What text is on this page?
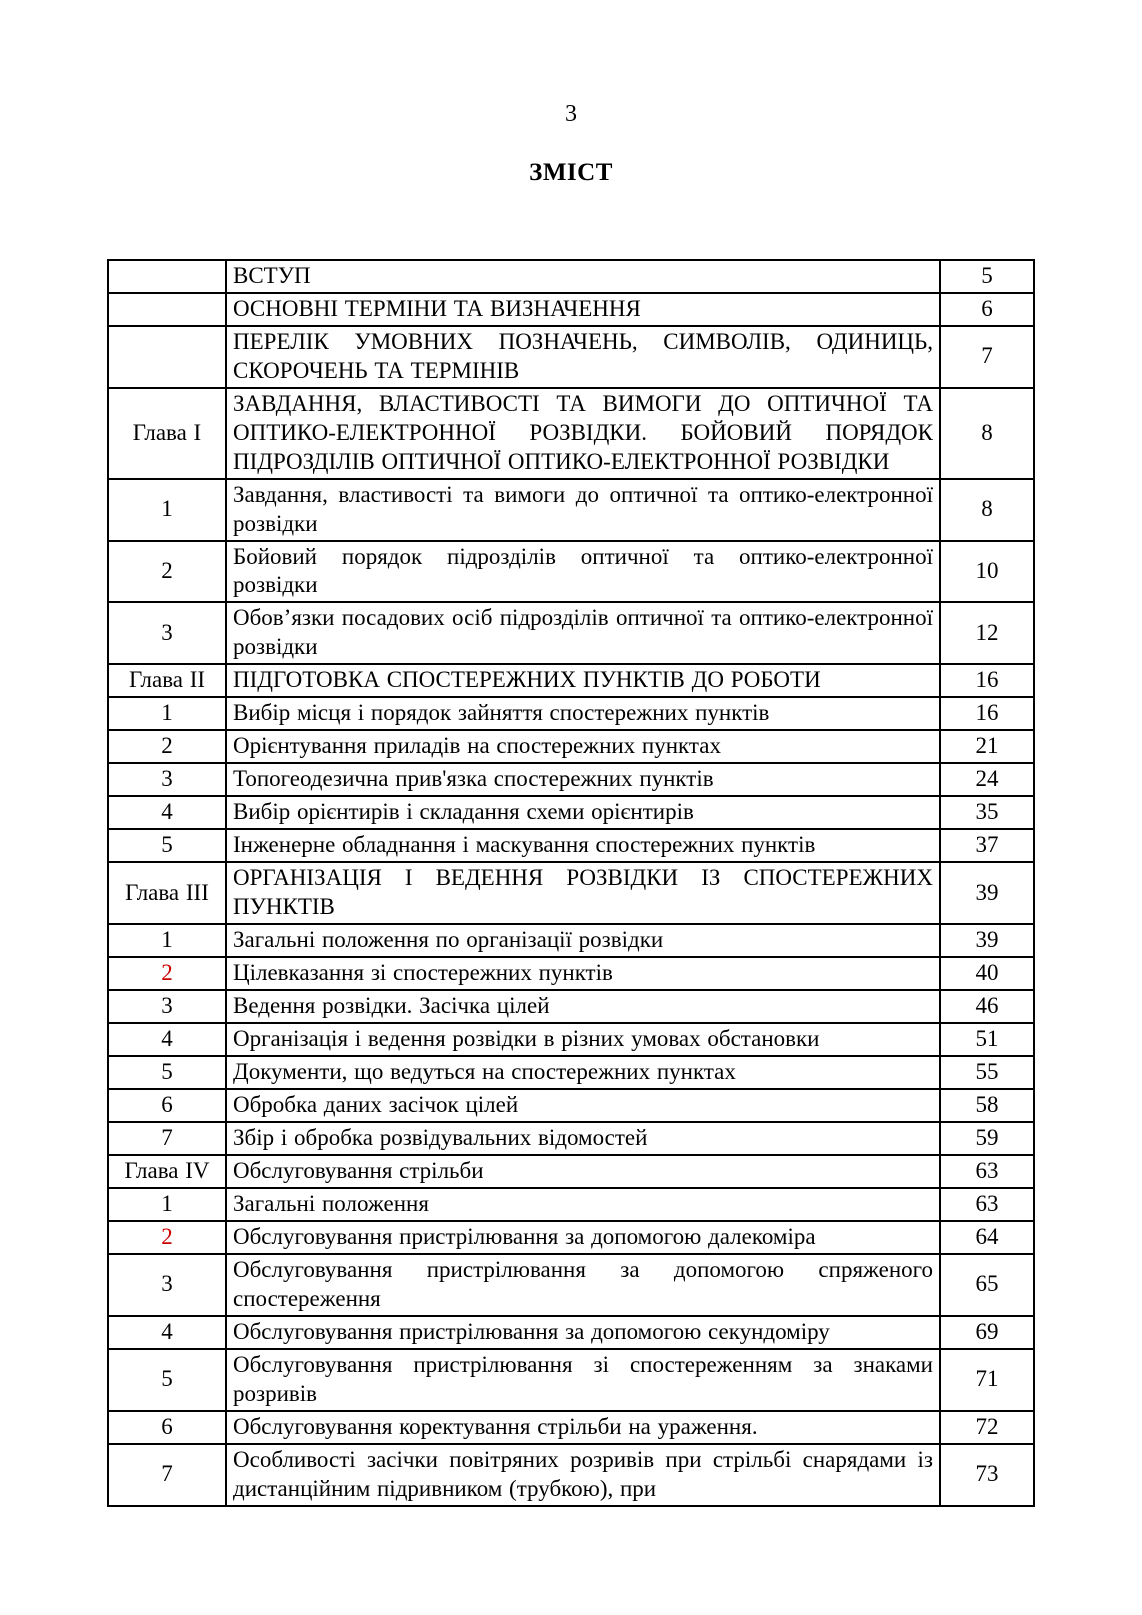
3
ЗМІСТ
	ВСТУП	5
	ОСНОВНІ ТЕРМІНИ ТА ВИЗНАЧЕННЯ	6
	ПЕРЕЛІК УМОВНИХ ПОЗНАЧЕНЬ, СИМВОЛІВ, ОДИНИЦЬ, СКОРОЧЕНЬ ТА ТЕРМІНІВ	7
Глава I	ЗАВДАННЯ, ВЛАСТИВОСТІ ТА ВИМОГИ ДО ОПТИЧНОЇ ТА ОПТИКО-ЕЛЕКТРОННОЇ РОЗВІДКИ. БОЙОВИЙ ПОРЯДОК ПІДРОЗДІЛІВ ОПТИЧНОЇ ОПТИКО-ЕЛЕКТРОННОЇ РОЗВІДКИ	8
1	Завдання, властивості та вимоги до оптичної та оптико-електронної розвідки	8
2	Бойовий порядок підрозділів оптичної та оптико-електронної розвідки	10
3	Обов’язки посадових осіб підрозділів оптичної та оптико-електронної розвідки	12
Глава II	ПІДГОТОВКА СПОСТЕРЕЖНИХ ПУНКТІВ ДО РОБОТИ	16
1	Вибір місця і порядок зайняття спостережних пунктів	16
2	Орієнтування приладів на спостережних пунктах	21
3	Топогеодезична прив'язка спостережних пунктів	24
4	Вибір орієнтирів і складання схеми орієнтирів	35
5	Інженерне обладнання і маскування спостережних пунктів	37
Глава III	ОРГАНІЗАЦІЯ І ВЕДЕННЯ РОЗВІДКИ ІЗ СПОСТЕРЕЖНИХ ПУНКТІВ	39
1	Загальні положення по організації розвідки	39
2	Цілевказання зі спостережних пунктів	40
3	Ведення розвідки. Засічка цілей	46
4	Організація і ведення розвідки в різних умовах обстановки	51
5	Документи, що ведуться на спостережних пунктах	55
6	Обробка даних засічок цілей	58
7	Збір і обробка розвідувальних відомостей	59
Глава IV	Обслуговування стрільби	63
1	Загальні положення	63
2	Обслуговування пристрілювання за допомогою далекоміра	64
3	Обслуговування пристрілювання за допомогою спряженого спостереження	65
4	Обслуговування пристрілювання за допомогою секундоміру	69
5	Обслуговування пристрілювання зі спостереженням за знаками розривів	71
6	Обслуговування коректування стрільби на ураження.	72
7	Особливості засічки повітряних розривів при стрільбі снарядами із дистанційним підривником (трубкою), при	73
